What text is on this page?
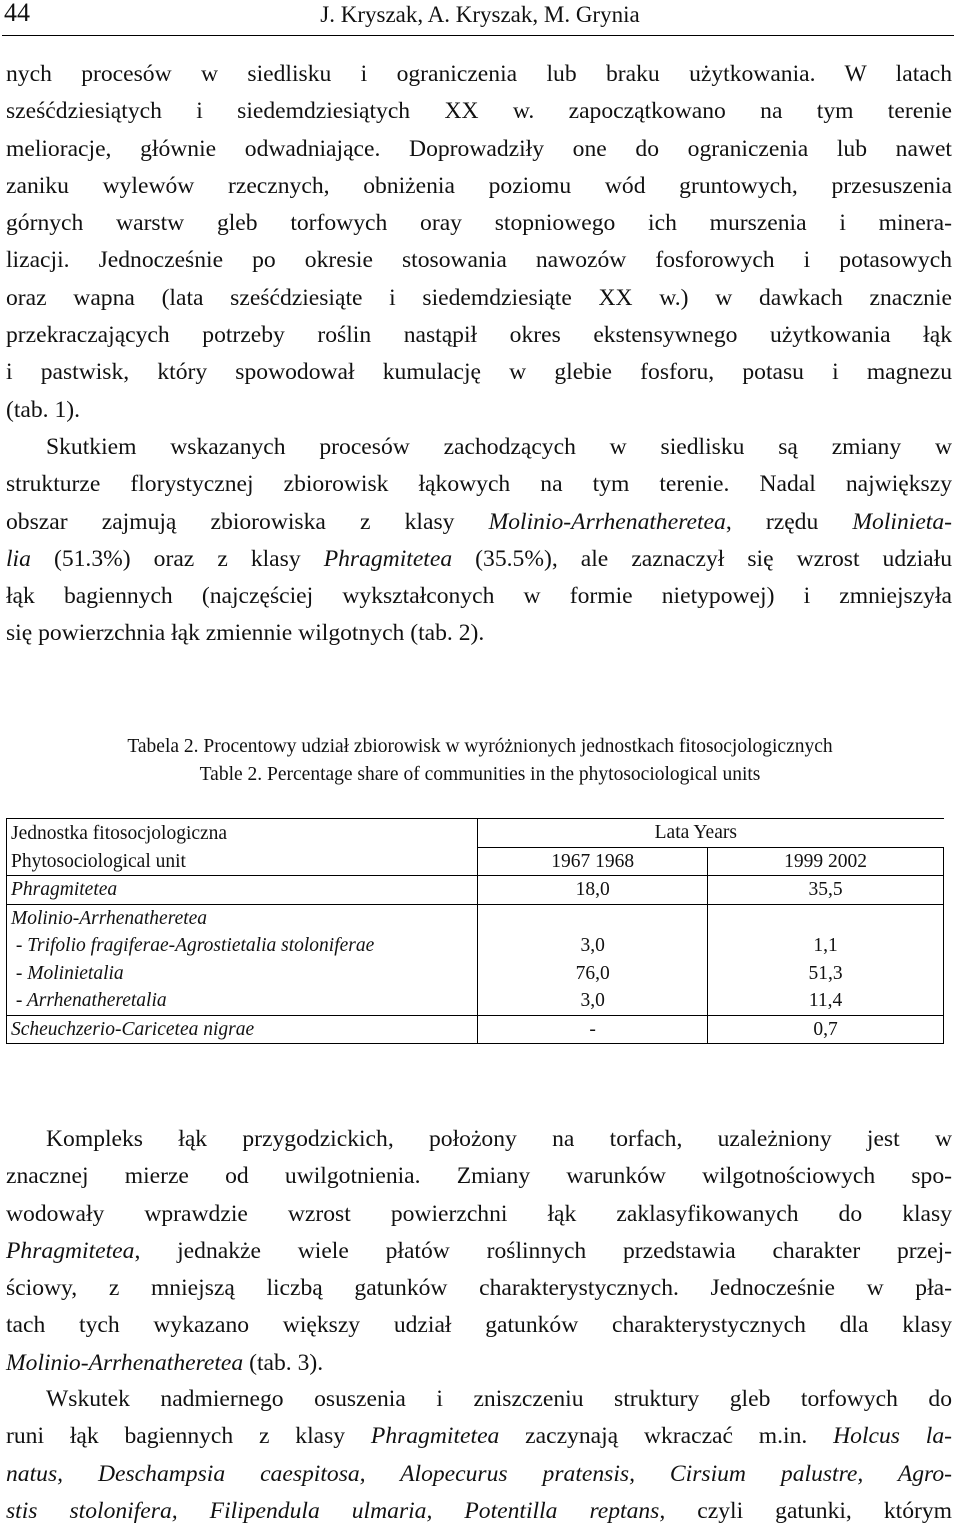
44	J. Kryszak, A. Kryszak, M. Grynia
nych procesów w siedlisku i ograniczenia lub braku użytkowania. W latach
sześćdziesiątych i siedemdziesiątych XX w. zapoczątkowano na tym terenie
melioracje, głównie odwadniające. Doprowadziły one do ograniczenia lub nawet
zaniku wylewów rzecznych, obniżenia poziomu wód gruntowych, przesuszenia
górnych warstw gleb torfowych oray stopniowego ich murszenia i minera-
lizacji. Jednocześnie po okresie stosowania nawozów fosforowych i potasowych
oraz wapna (lata sześćdziesiąte i siedemdziesiąte XX w.) w dawkach znacznie
przekraczających potrzeby roślin nastąpił okres ekstensywnego użytkowania łąk
i pastwisk, który spowodował kumulację w glebie fosforu, potasu i magnezu
(tab. 1).
Skutkiem wskazanych procesów zachodzących w siedlisku są zmiany w
strukturze florystycznej zbiorowisk łąkowych na tym terenie. Nadal największy
obszar zajmują zbiorowiska z klasy Molinio-Arrhenatheretea, rzędu Molinieta-
lia (51.3%) oraz z klasy Phragmitetea (35.5%), ale zaznaczył się wzrost udziału
łąk bagiennych (najczęściej wykształconych w formie nietypowej) i zmniejszyła
się powierzchnia łąk zmiennie wilgotnych (tab. 2).
Tabela 2. Procentowy udział zbiorowisk w wyróżnionych jednostkach fitosocjologicznych
Table 2. Percentage share of communities in the phytosociological units
Jednostka fitosocjologiczna	Lata Years	
Phytosociological unit	1967 1968	1999 2002
Phragmitetea	18,0	35,5
Molinio-Arrhenatheretea		
- Trifolio fragiferae-Agrostietalia stoloniferae	3,0	1,1
- Molinietalia	76,0	51,3
- Arrhenatheretalia	3,0	11,4
Scheuchzerio-Caricetea nigrae	-	0,7
Kompleks łąk przygodzickich, położony na torfach, uzależniony jest w
znacznej mierze od uwilgotnienia. Zmiany warunków wilgotnościowych spo-
wodowały wprawdzie wzrost powierzchni łąk zaklasyfikowanych do klasy
Phragmitetea, jednakże wiele płatów roślinnych przedstawia charakter przej-
ściowy, z mniejszą liczbą gatunków charakterystycznych. Jednocześnie w pła-
tach tych wykazano większy udział gatunków charakterystycznych dla klasy
Molinio-Arrhenatheretea (tab. 3).
Wskutek nadmiernego osuszenia i zniszczeniu struktury gleb torfowych do
runi łąk bagiennych z klasy Phragmitetea zaczynają wkraczać m.in. Holcus la-
natus, Deschampsia caespitosa, Alopecurus pratensis, Cirsium palustre, Agro-
stis stolonifera, Filipendula ulmaria, Potentilla reptans, czyli gatunki, którym
